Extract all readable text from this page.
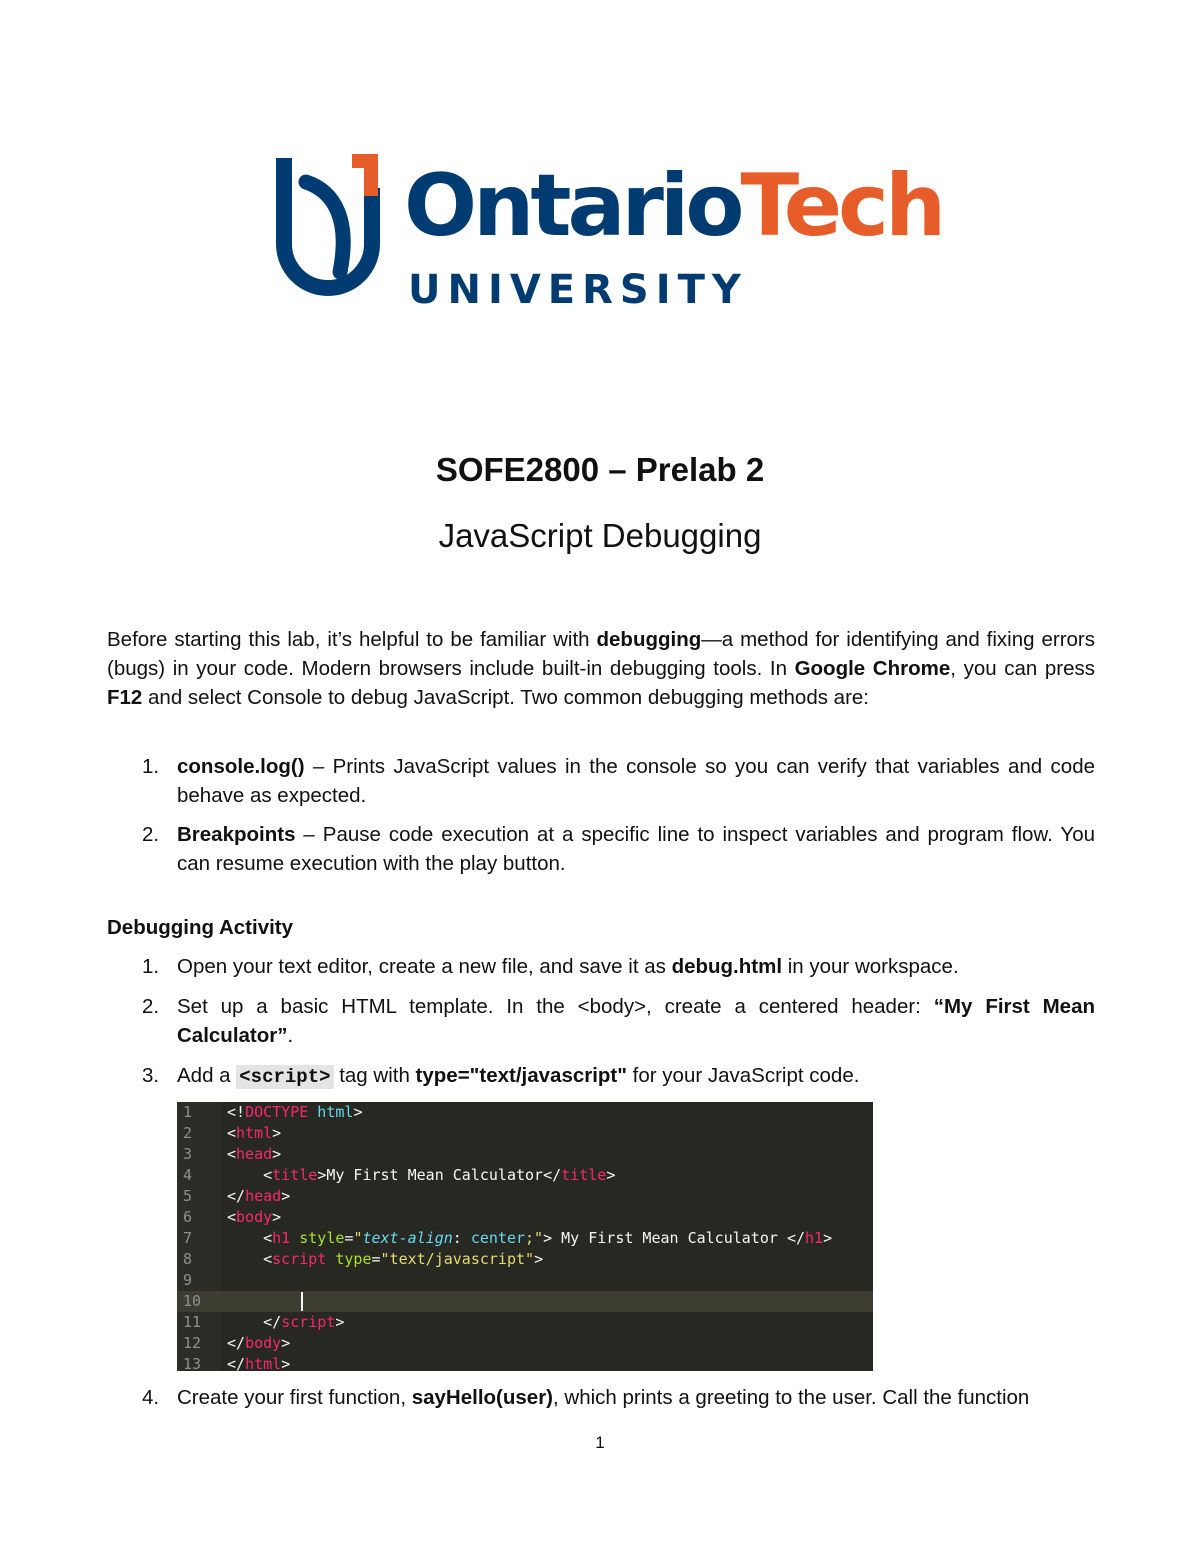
OntarioTech
UNIVERSITY
SOFE2800 – Prelab 2
JavaScript Debugging

Before starting this lab, it’s helpful to be familiar with debugging—a method for identifying and fixing errors (bugs) in your code. Modern browsers include built-in debugging tools. In Google Chrome, you can press F12 and select Console to debug JavaScript. Two common debugging methods are:

1. console.log() – Prints JavaScript values in the console so you can verify that variables and code behave as expected.
2. Breakpoints – Pause code execution at a specific line to inspect variables and program flow. You can resume execution with the play button.
Debugging Activity
1. Open your text editor, create a new file, and save it as debug.html in your workspace.
2. Set up a basic HTML template. In the <body>, create a centered header: “My First Mean Calculator”.
3. Add a <script> tag with type="text/javascript" for your JavaScript code.
1	<!DOCTYPE html>
2	<html>
3	<head>
4	<title>My First Mean Calculator</title>
5	</head>
6	<body>
7	<h1 style="text-align: center;"> My First Mean Calculator </h1>
8	<script type="text/javascript">
9
10
11	</script>
12	</body>
13	</html>
4. Create your first function, sayHello(user), which prints a greeting to the user. Call the function
1
